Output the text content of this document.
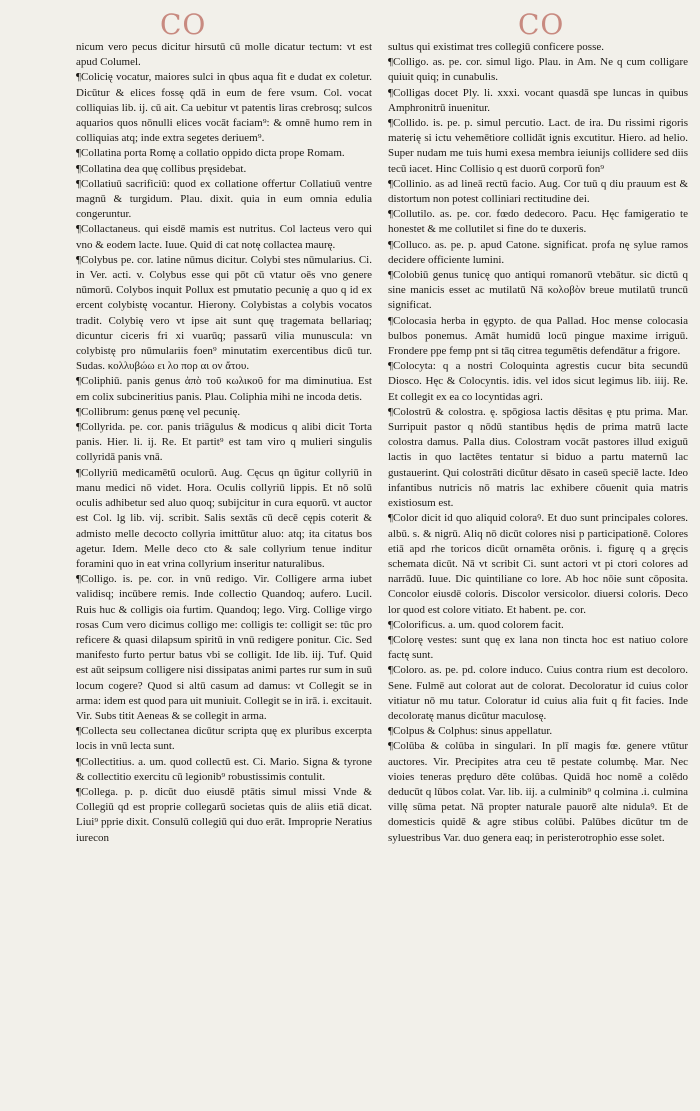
CO	CO

nicum vero pecus dicitur hirsutū cū molle dicatur tectum: vt est apud Columel.

¶Colicię vocatur, maiores sulci in qbus aqua fit e dudat ex coletur. Dicūtur & elices fossę qdā in eum de fere vsum. Col. vocat colliquias lib. ij. cū ait. Ca uebitur vt patentis liras crebrosq; sulcos aquarios quos nōnulli elices vocāt faciam⁹: & omnē humo rem in colliquias atq; inde extra segetes deriuem⁹.

¶Collatina porta Romę a collatio oppido dicta prope Romam.

¶Collatina dea quę collibus pręsidebat.

¶Collatiuū sacrificiū: quod ex collatione offertur Collatiuū ventre magnū & turgidum. Plau. dixit. quia in eum omnia edulia congeruntur.

¶Collactaneus. qui eisdē mamis est nutritus. Col lacteus vero qui vno & eodem lacte. Iuue. Quid di cat notę collactea maurę.

¶Colybus pe. cor. latine nūmus dicitur. Colybi stes nūmularius. Ci. in Ver. acti. v. Colybus esse qui pōt cū vtatur oēs vno genere nūmorū. Colybos inquit Pollux est pmutatio pecunię a quo q id ex ercent colybistę vocantur. Hierony. Colybistas a colybis vocatos tradit. Colybię vero vt ipse ait sunt quę tragemata bellariaq; dicuntur ciceris fri xi vuarūq; passarū vilia munuscula: vn colybistę pro nūmulariis foen⁹ minutatim exercentibus dicū tur. Sudas. κολλυβώω ει λο πορ αι ον ἄτου.

¶Coliphiū. panis genus ἀπὸ τοῦ κωλικοῦ for ma diminutiua. Est em colix subcineritius panis. Plau. Coliphia mihi ne incoda detis.

¶Collibrum: genus pœnę vel pecunię.

¶Collyrida. pe. cor. panis triāgulus & modicus q alibi dicit Torta panis. Hier. li. ij. Re. Et partit⁹ est tam viro q mulieri singulis collyridā panis vnā.

¶Collyriū medicamētū oculorū. Aug. Cęcus qn ūgitur collyriū in manu medici nō videt. Hora. Oculis collyriū lippis. Et nō solū oculis adhibetur sed aluo quoq; subijcitur in cura equorū. vt auctor est Col. lg lib. vij. scribit. Salis sextās cū decē cępis coterit & admisto melle decocto collyria imittūtur aluo: atq; ita citatus bos agetur. Idem. Melle deco cto & sale collyrium tenue inditur foramini quo in eat vrina collyrium inseritur naturalibus.

¶Colligo. is. pe. cor. in vnū redigo. Vir. Colligere arma iubet validisq; incūbere remis. Inde collectio Quandoq; aufero. Lucil. Ruis huc & colligis oia furtim. Quandoq; lego. Virg. Collige virgo rosas Cum vero dicimus colligo me: colligis te: colligit se: tūc pro reficere & quasi dilapsum spiritū in vnū redigere ponitur. Cic. Sed manifesto furto pertur batus vbi se colligit. Ide lib. iij. Tuf. Quid est aūt seipsum colligere nisi dissipatas animi partes rur sum in suū locum cogere? Quod si altū casum ad damus: vt Collegit se in arma: idem est quod para uit muniuit. Collegit se in irā. i. excitauit. Vir. Subs titit Aeneas & se collegit in arma.

¶Collecta seu collectanea dicūtur scripta quę ex pluribus excerpta locis in vnū lecta sunt.

¶Collectitius. a. um. quod collectū est. Ci. Mario. Signa & tyrone & collectitio exercitu cū legionib⁹ robustissimis contulit.

¶Collega. p. p. dicūt duo eiusdē ptātis simul missi Vnde & Collegiū qd est proprie collegarū societas quis de aliis etiā dicat. Liui⁹ pprie dixit. Consulū collegiū qui duo erāt. Improprie Neratius iurecon

sultus qui existimat tres collegiū conficere posse.

¶Colligo. as. pe. cor. simul ligo. Plau. in Am. Ne q cum colligare quiuit quiq; in cunabulis.

¶Colligas docet Ply. li. xxxi. vocant quasdā spe luncas in quibus Amphronitrū inuenitur.

¶Collido. is. pe. p. simul percutio. Lact. de ira. Du rissimi rigoris materię si ictu vehemētiore collidāt ignis excutitur. Hiero. ad helio. Super nudam me tuis humi exesa membra ieiunijs collidere sed diis tecū iacet. Hinc Collisio q est duorū corporū fon⁹

¶Collinio. as ad lineā rectū facio. Aug. Cor tuū q diu prauum est & distortum non potest colliniari rectitudine dei.

¶Collutilo. as. pe. cor. fœdo dedecoro. Pacu. Hęc famigeratio te honestet & me collutilet si fine do te duxeris.

¶Colluco. as. pe. p. apud Catone. significat. profa nę sylue ramos decidere officiente lumini.

¶Colobiū genus tunicę quo antiqui romanorū vtebātur. sic dictū q sine manicis esset ac mutilatū Nā κολοβὸν breue mutilatū truncū significat.

¶Colocasia herba in ęgypto. de qua Pallad. Hoc mense colocasia bulbos ponemus. Amāt humidū locū pingue maxime irriguū. Frondere ppe femp pnt si tāq citrea tegumētis defendātur a frigore.

¶Colocyta: q a nostri Coloquinta agrestis cucur bita secundū Diosco. Hęc & Colocyntis. idis. vel idos sicut legimus lib. iiij. Re. Et collegit ex ea co locyntidas agri.

¶Colostrū & colostra. ę. spōgiosa lactis dēsitas ę ptu prima. Mar. Surripuit pastor q nōdū stantibus hędis de prima matrū lacte colostra damus. Palla dius. Colostram vocāt pastores illud exiguū lactis in quo lactētes tentatur si biduo a partu maternū lac gustauerint. Qui colostrāti dicūtur dēsato in caseū speciē lacte. Ideo infantibus nutricis nō matris lac exhibere cōuenit quia matris existiosum est.

¶Color dicit id quo aliquid coloraꝰ. Et duo sunt principales colores. albū. s. & nigrū. Aliq nō dicūt colores nisi p participationē. Colores etiā apd rhe toricos dicūt ornamēta orōnis. i. figurę q a gręcis schemata dicūt. Nā vt scribit Ci. sunt actori vt pi ctori colores ad narrādū. Iuue. Dic quintiliane co lore. Ab hoc nōie sunt cōposita. Concolor eiusdē coloris. Discolor versicolor. diuersi coloris. Deco lor quod est colore vitiato. Et habent. pe. cor.

¶Colorificus. a. um. quod colorem facit.

¶Colorę vestes: sunt quę ex lana non tincta hoc est natiuo colore factę sunt.

¶Coloro. as. pe. pd. colore induco. Cuius contra rium est decoloro. Sene. Fulmē aut colorat aut de colorat. Decoloratur id cuius color vitiatur nō mu tatur. Coloratur id cuius alia fuit q fit facies. Inde decoloratę manus dicūtur maculosę.

¶Colpus & Colphus: sinus appellatur.

¶Colūba & colūba in singulari. In plī magis fœ. genere vtūtur auctores. Vir. Precipites atra ceu tē pestate columbę. Mar. Nec vioies teneras pręduro dēte colūbas. Quidā hoc nomē a colēdo deducūt q lūbos colat. Var. lib. iij. a culminib⁹ q colmina .i. culmina villę sūma petat. Nā propter naturale pauorē alte nidulaꝰ. Et de domesticis quidē & agre stibus colūbi. Palūbes dicūtur tm de syluestribus Var. duo genera eaq; in peristerotrophio esse solet.
